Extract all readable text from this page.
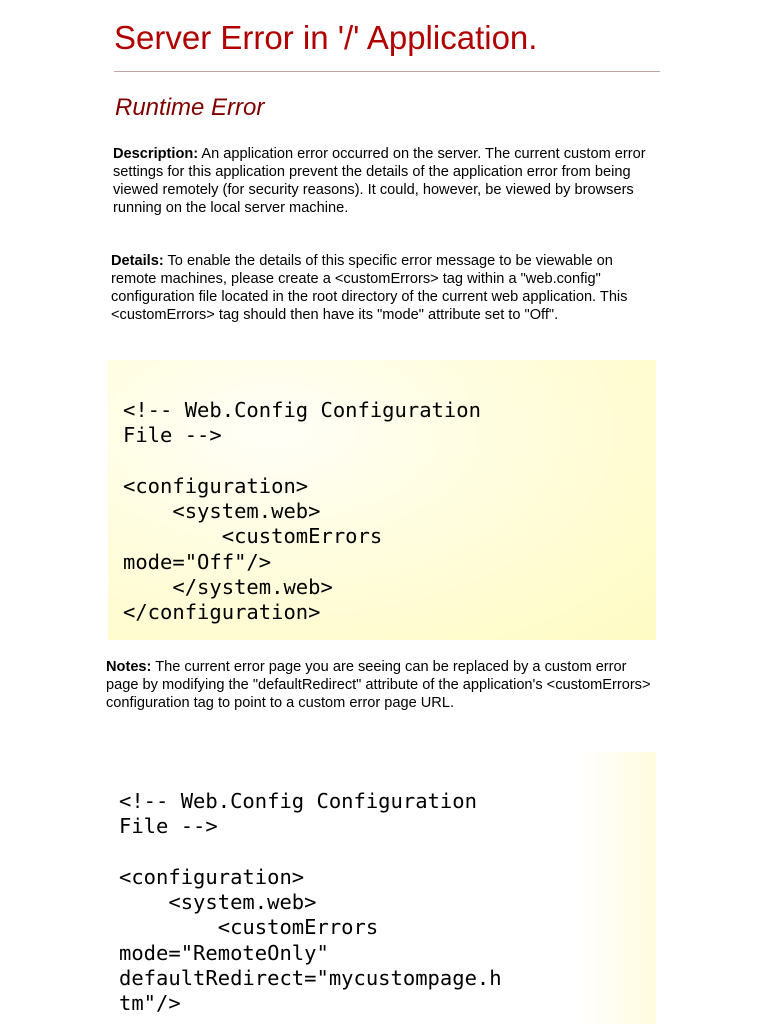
Server Error in '/' Application.
Runtime Error

Description: An application error occurred on the server. The current custom error settings for this application prevent the details of the application error from being viewed remotely (for security reasons). It could, however, be viewed by browsers running on the local server machine.

Details: To enable the details of this specific error message to be viewable on remote machines, please create a <customErrors> tag within a "web.config" configuration file located in the root directory of the current web application. This <customErrors> tag should then have its "mode" attribute set to "Off".

<!-- Web.Config Configuration
File -->

<configuration>
<system.web>
<customErrors
mode="Off"/>
</system.web>
</configuration>

Notes: The current error page you are seeing can be replaced by a custom error page by modifying the "defaultRedirect" attribute of the application's <customErrors> configuration tag to point to a custom error page URL.

<!-- Web.Config Configuration
File -->

<configuration>
<system.web>
<customErrors
mode="RemoteOnly"
defaultRedirect="mycustompage.h
tm"/>
